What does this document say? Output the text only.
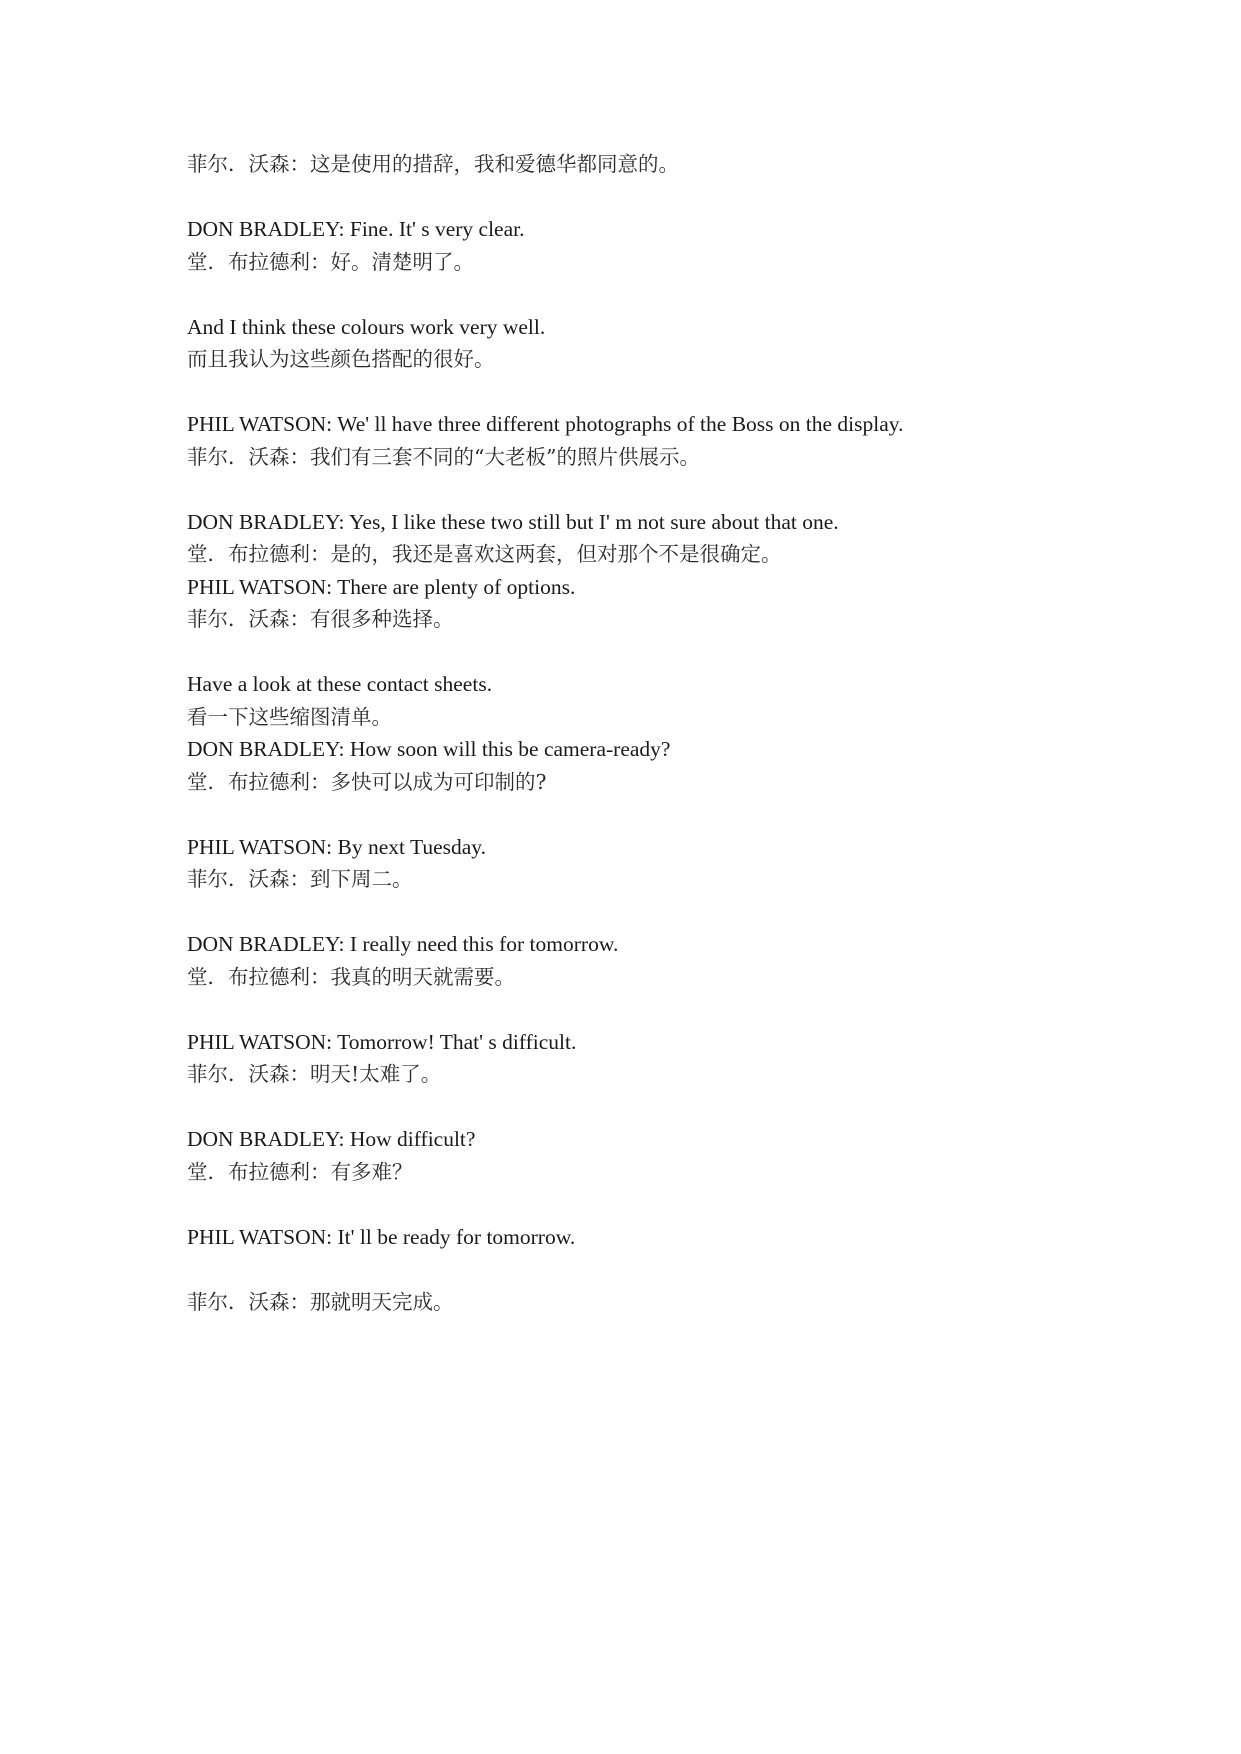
菲尔．沃森：这是使用的措辞，我和爱德华都同意的。
DON BRADLEY: Fine. It' s very clear.
堂．布拉德利：好。清楚明了。
And I think these colours work very well.
而且我认为这些颜色搭配的很好。
PHIL WATSON: We' ll have three different photographs of the Boss on the display.
菲尔．沃森：我们有三套不同的“大老板”的照片供展示。
DON BRADLEY: Yes, I like these two still but I' m not sure about that one.
堂．布拉德利：是的，我还是喜欢这两套，但对那个不是很确定。
PHIL WATSON: There are plenty of options.
菲尔．沃森：有很多种选择。
Have a look at these contact sheets.
看一下这些缩图清单。
DON BRADLEY: How soon will this be camera-ready?
堂．布拉德利：多快可以成为可印制的?
PHIL WATSON: By next Tuesday.
菲尔．沃森：到下周二。
DON BRADLEY: I really need this for tomorrow.
堂．布拉德利：我真的明天就需要。
PHIL WATSON: Tomorrow! That' s difficult.
菲尔．沃森：明天!太难了。
DON BRADLEY: How difficult?
堂．布拉德利：有多难？
PHIL WATSON: It' ll be ready for tomorrow.
菲尔．沃森：那就明天完成。
